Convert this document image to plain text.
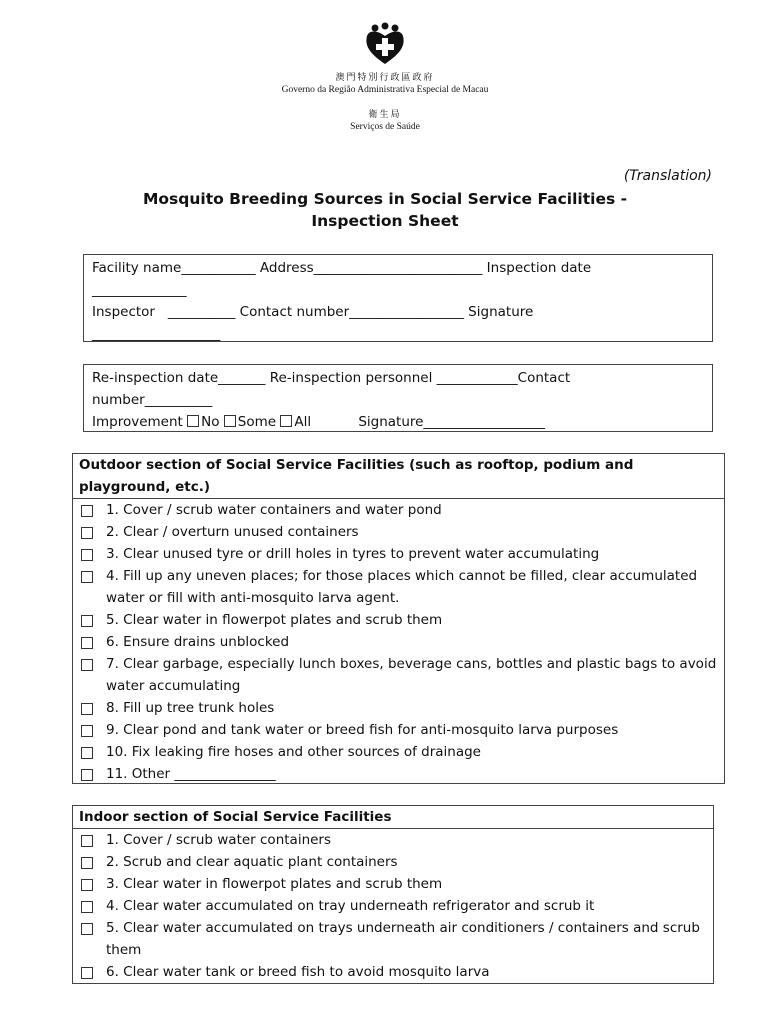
澳門特別行政區政府
Governo da Região Administrativa Especial de Macau
衛生局
Serviços de Saúde
(Translation)
Mosquito Breeding Sources in Social Service Facilities -
Inspection Sheet
Facility name___________ Address_________________________ Inspection date
______________
Inspector   __________ Contact number_________________ Signature
___________________
Re-inspection date_______ Re-inspection personnel ____________Contact
number__________
Improvement No Some All	Signature__________________
Outdoor section of Social Service Facilities (such as rooftop, podium and playground, etc.)
1. Cover / scrub water containers and water pond
2. Clear / overturn unused containers
3. Clear unused tyre or drill holes in tyres to prevent water accumulating
4. Fill up any uneven places; for those places which cannot be filled, clear accumulated water or fill with anti-mosquito larva agent.
5. Clear water in flowerpot plates and scrub them
6. Ensure drains unblocked
7. Clear garbage, especially lunch boxes, beverage cans, bottles and plastic bags to avoid water accumulating
8. Fill up tree trunk holes
9. Clear pond and tank water or breed fish for anti-mosquito larva purposes
10. Fix leaking fire hoses and other sources of drainage
11. Other _______________
Indoor section of Social Service Facilities
1. Cover / scrub water containers
2. Scrub and clear aquatic plant containers
3. Clear water in flowerpot plates and scrub them
4. Clear water accumulated on tray underneath refrigerator and scrub it
5. Clear water accumulated on trays underneath air conditioners / containers and scrub them
6. Clear water tank or breed fish to avoid mosquito larva
